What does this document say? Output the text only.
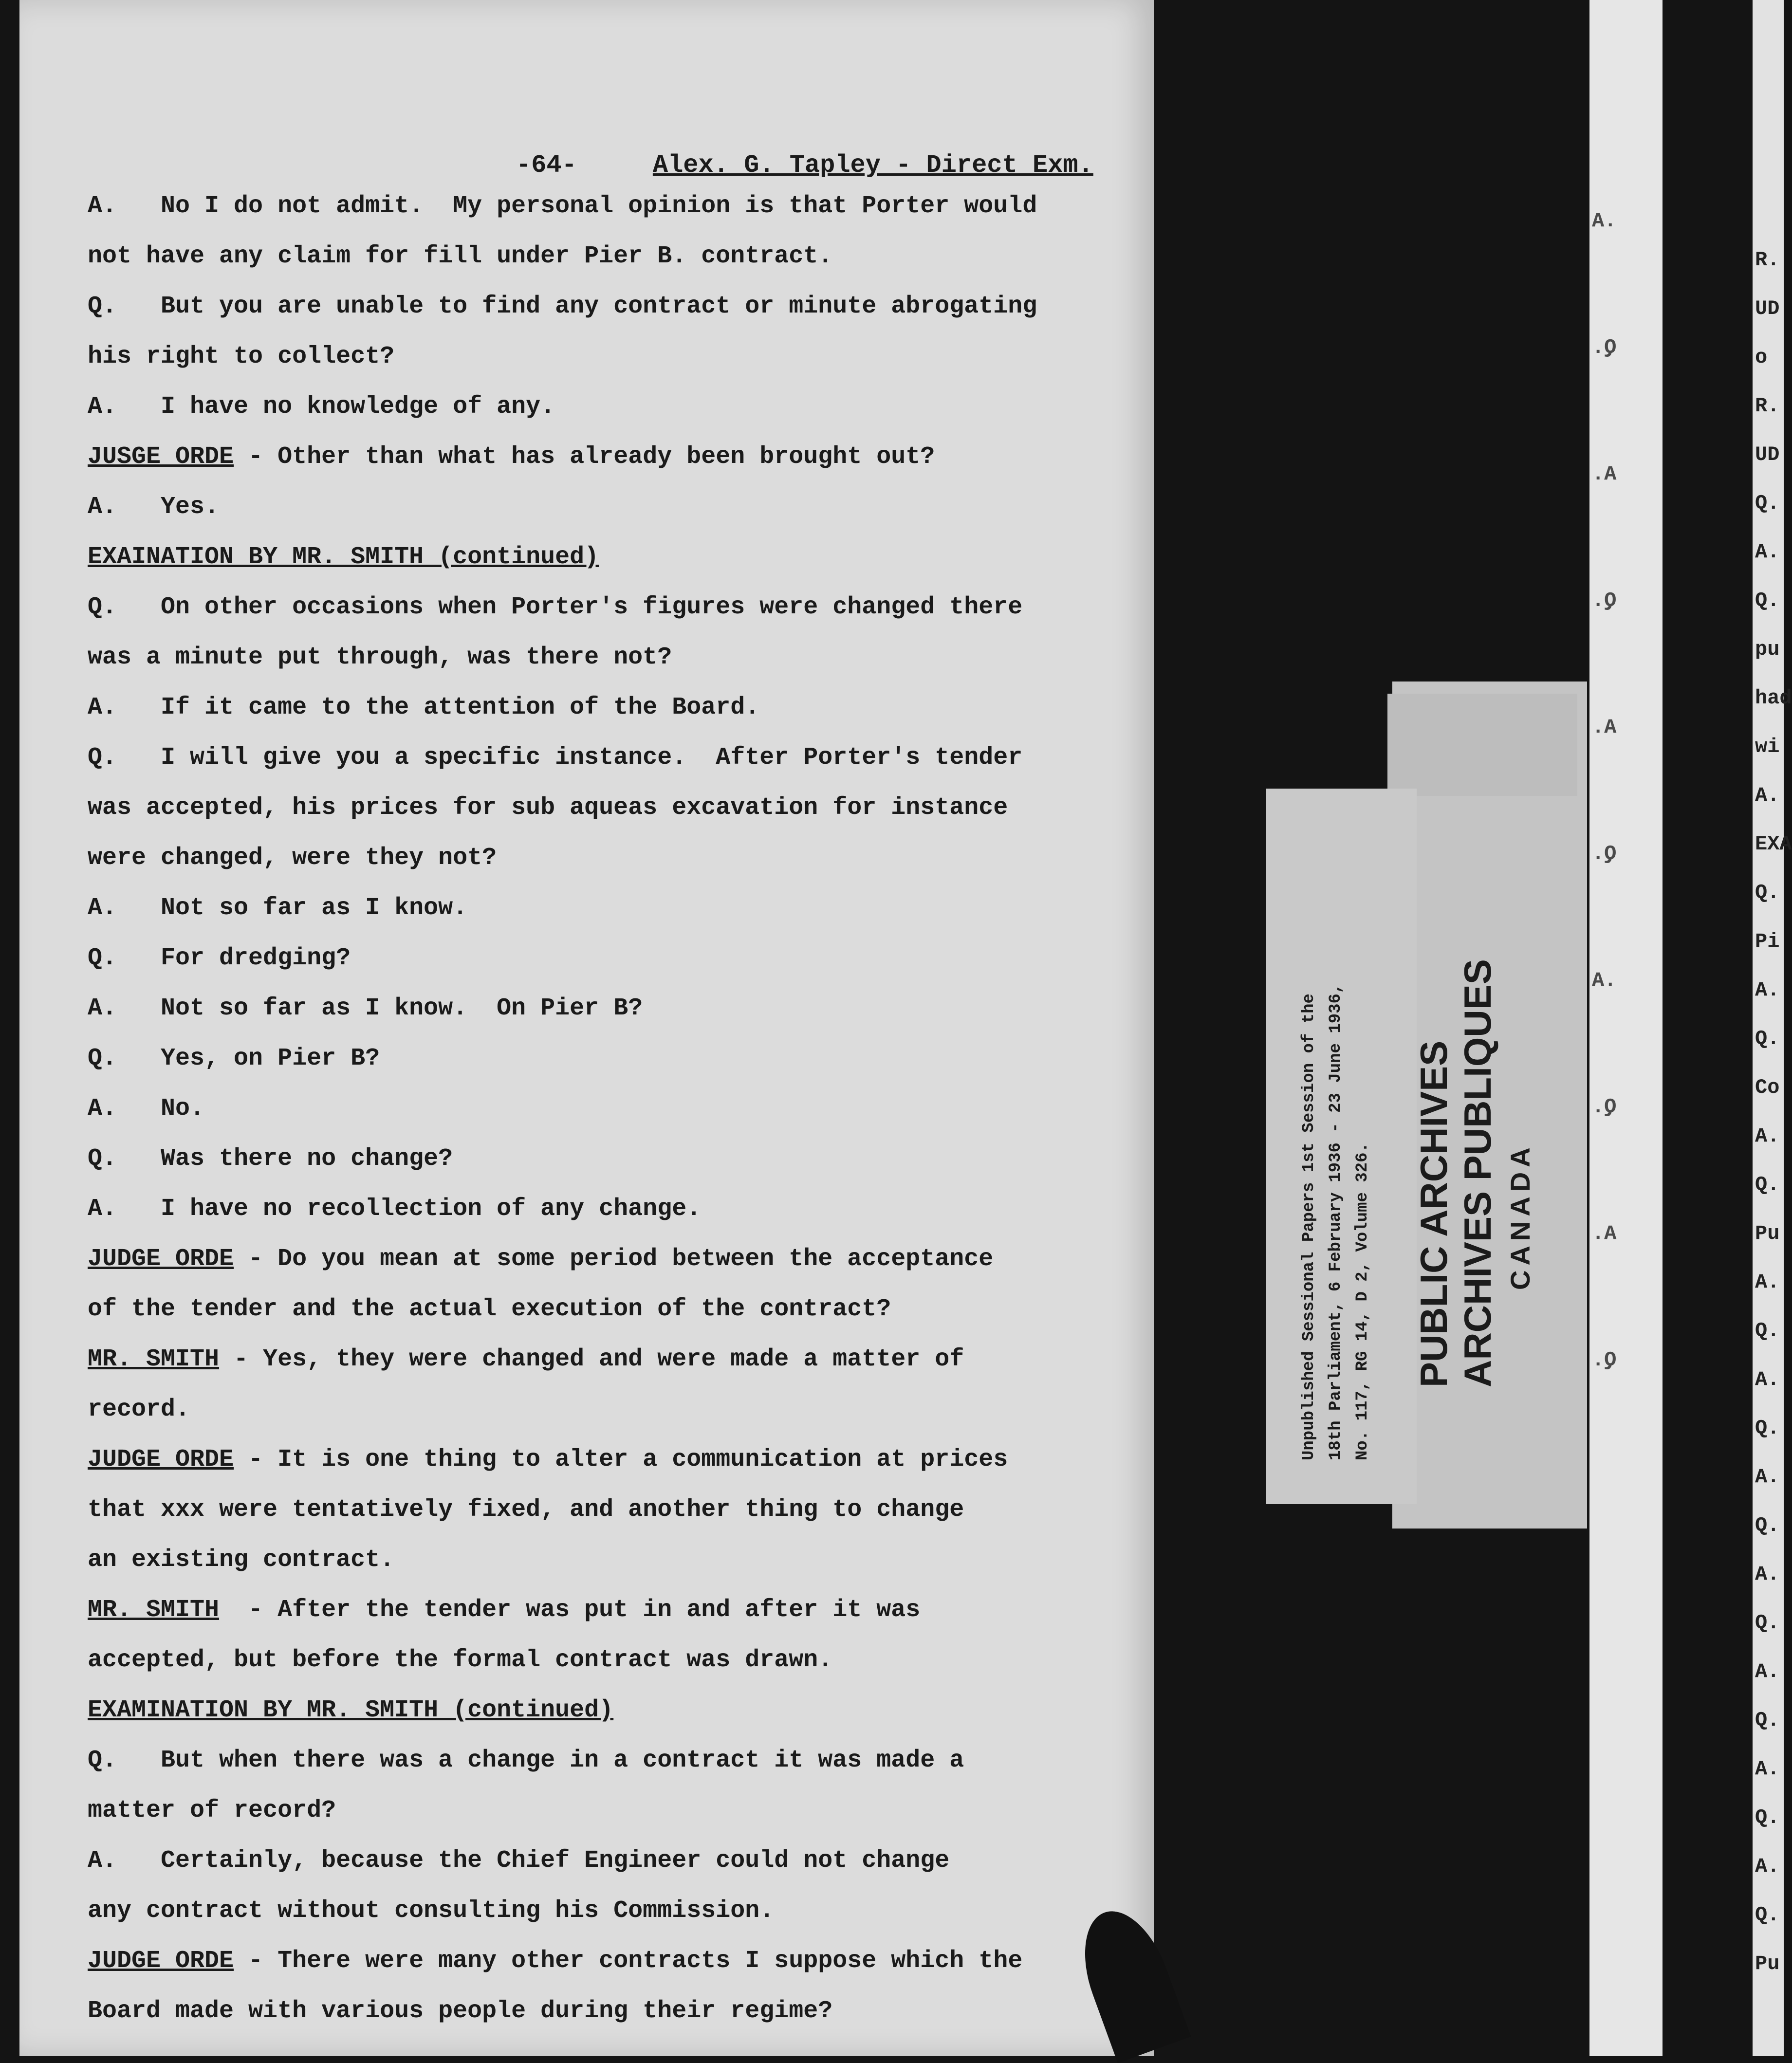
-64-	Alex. G. Tapley - Direct Exm.
A.   No I do not admit.  My personal opinion is that Porter would
not have any claim for fill under Pier B. contract.
Q.   But you are unable to find any contract or minute abrogating
his right to collect?
A.   I have no knowledge of any.
JUSGE ORDE - Other than what has already been brought out?
A.   Yes.
EXAINATION BY MR. SMITH (continued)
Q.   On other occasions when Porter's figures were changed there
was a minute put through, was there not?
A.   If it came to the attention of the Board.
Q.   I will give you a specific instance.  After Porter's tender
was accepted, his prices for sub aqueas excavation for instance
were changed, were they not?
A.   Not so far as I know.
Q.   For dredging?
A.   Not so far as I know.  On Pier B?
Q.   Yes, on Pier B?
A.   No.
Q.   Was there no change?
A.   I have no recollection of any change.
JUDGE ORDE - Do you mean at some period between the acceptance
of the tender and the actual execution of the contract?
MR. SMITH - Yes, they were changed and were made a matter of
record.
JUDGE ORDE - It is one thing to alter a communication at prices
that xxx were tentatively fixed, and another thing to change
an existing contract.
MR. SMITH  - After the tender was put in and after it was
accepted, but before the formal contract was drawn.
EXAMINATION BY MR. SMITH (continued)
Q.   But when there was a change in a contract it was made a
matter of record?
A.   Certainly, because the Chief Engineer could not change
any contract without consulting his Commission.
JUDGE ORDE - There were many other contracts I suppose which the
Board made with various people during their regime?
.A
Q.
A.
Q.
A.
Q.
.A
Q.
A.
Q.
R.
UD
o
R.
UD
Q.
A.
Q.
pu
had
wi
A.
EXA
Q.
Pi
A.
Q.
Co
A.
Q.
Pu
A.
Q.
A.
Q.
A.
Q.
A.
Q.
A.
Q.
A.
Q.
A.
Q.
Pu
Unpublished Sessional Papers 1st Session of the 18th Parliament, 6 February 1936 - 23 June 1936, No. 117, RG 14, D 2, Volume 326. PUBLIC ARCHIVES ARCHIVES PUBLIQUES CANADA
